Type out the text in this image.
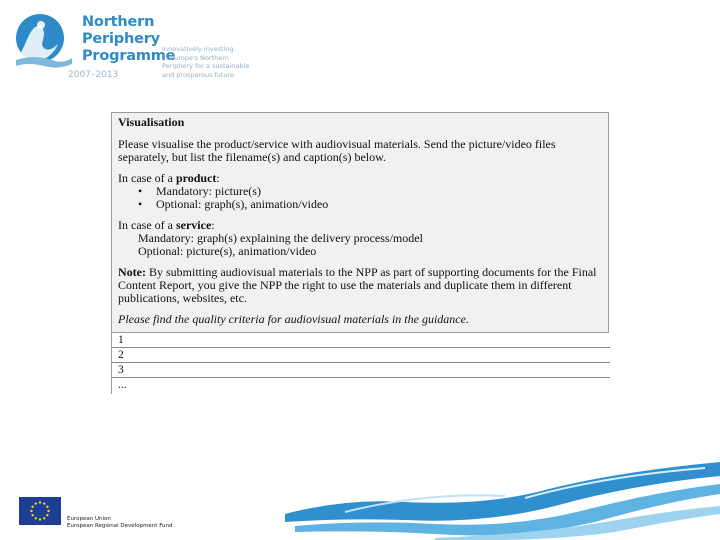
Northern
Periphery
Programme
2007–2013
Innovatively investing
in Europe's Northern
Periphery for a sustainable
and prosperous future

Visualisation

Please visualise the product/service with audiovisual materials. Send the picture/video files separately, but list the filename(s) and caption(s) below.

In case of a product:

• Mandatory: picture(s)
• Optional: graph(s), animation/video

In case of a service:

Mandatory: graph(s) explaining the delivery process/model

Optional: picture(s), animation/video

Note: By submitting audiovisual materials to the NPP as part of supporting documents for the Final Content Report, you give the NPP the right to use the materials and duplicate them in different publications, websites, etc.

Please find the quality criteria for audiovisual materials in the guidance.

1
2
3
...
European Union
European Regional Development Fund
